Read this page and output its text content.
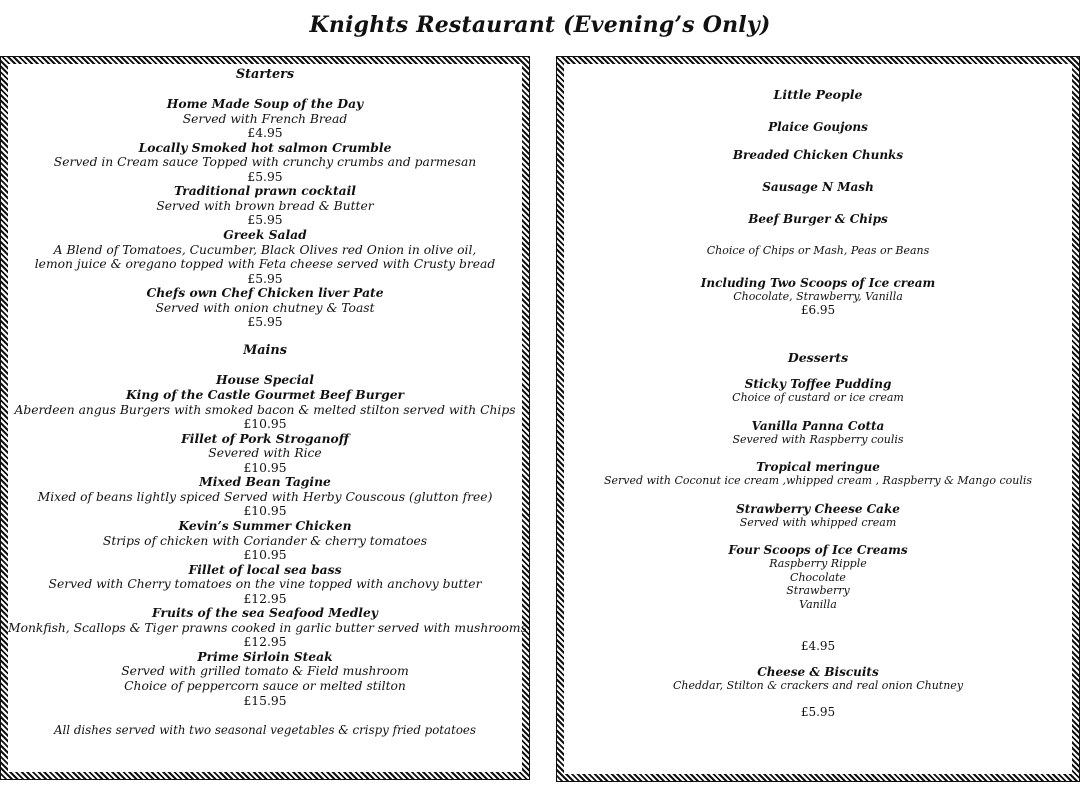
Knights Restaurant (Evening’s Only)
Starters
Home Made Soup of the Day
Served with French Bread
£4.95
Locally Smoked hot salmon Crumble
Served in Cream sauce Topped with crunchy crumbs and parmesan
£5.95
Traditional prawn cocktail
Served with brown bread & Butter
£5.95
Greek Salad
A Blend of Tomatoes, Cucumber, Black Olives red Onion in olive oil,
lemon juice & oregano topped with Feta cheese served with Crusty bread
£5.95
Chefs own Chef Chicken liver Pate
Served with onion chutney & Toast
£5.95
Mains
House Special
King of the Castle Gourmet Beef Burger
Aberdeen angus Burgers with smoked bacon & melted stilton served with Chips
£10.95
Fillet of Pork Stroganoff
Severed with Rice
£10.95
Mixed Bean Tagine
Mixed of beans lightly spiced Served with Herby Couscous (glutton free)
£10.95
Kevin’s Summer Chicken
Strips of chicken with Coriander & cherry tomatoes
£10.95
Fillet of local sea bass
Served with Cherry tomatoes on the vine topped with anchovy butter
£12.95
Fruits of the sea Seafood Medley
Monkfish, Scallops & Tiger prawns cooked in garlic butter served with mushrooms
£12.95
Prime Sirloin Steak
Served with grilled tomato & Field mushroom
Choice of peppercorn sauce or melted stilton
£15.95
All dishes served with two seasonal vegetables & crispy fried potatoes
Little People
Plaice Goujons
Breaded Chicken Chunks
Sausage N Mash
Beef Burger & Chips
Choice of Chips or Mash, Peas or Beans
Including Two Scoops of Ice cream
Chocolate, Strawberry, Vanilla
£6.95
Desserts
Sticky Toffee Pudding
Choice of custard or ice cream
Vanilla Panna Cotta
Severed with Raspberry coulis
Tropical meringue
Served with Coconut ice cream ,whipped cream , Raspberry & Mango coulis
Strawberry Cheese Cake
Served with whipped cream
Four Scoops of Ice Creams
Raspberry Ripple
Chocolate
Strawberry
Vanilla
£4.95
Cheese & Biscuits
Cheddar, Stilton & crackers and real onion Chutney
£5.95
